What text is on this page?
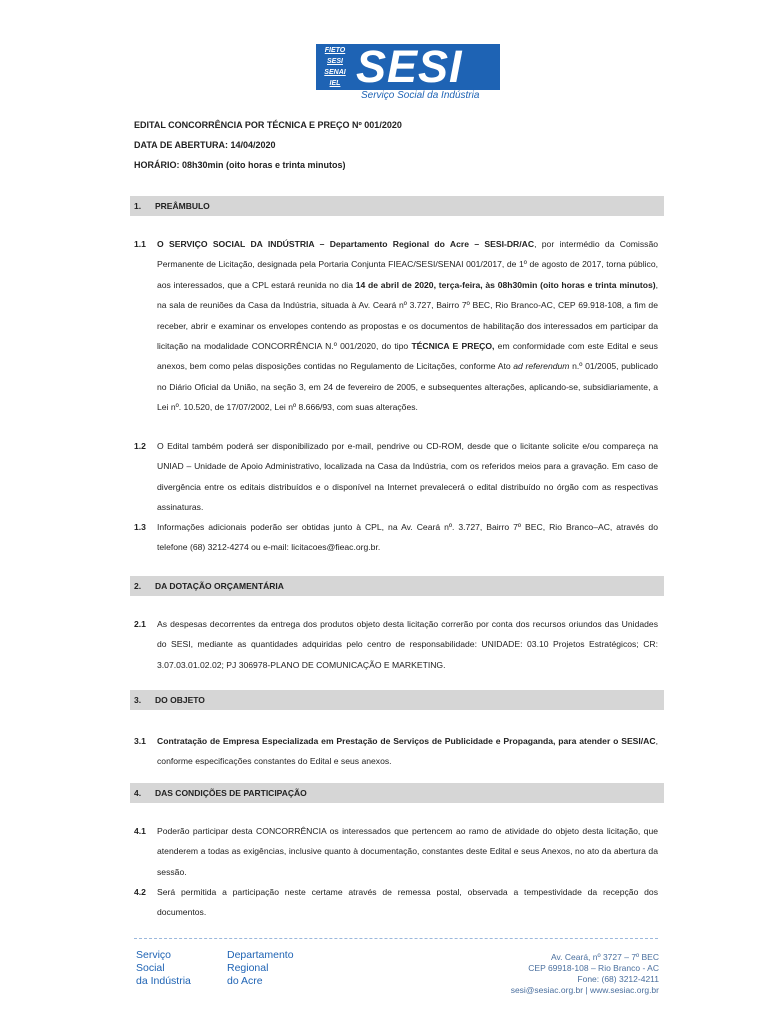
FIETO
SESI
SENAI
IEL SESI
Serviço Social da Indústria
EDITAL CONCORRÊNCIA POR TÉCNICA E PREÇO Nº 001/2020
DATA DE ABERTURA: 14/04/2020
HORÁRIO: 08h30min (oito horas e trinta minutos)
1. PREÂMBULO
1.1	O SERVIÇO SOCIAL DA INDÚSTRIA – Departamento Regional do Acre – SESI-DR/AC, por intermédio da Comissão Permanente de Licitação, designada pela Portaria Conjunta FIEAC/SESI/SENAI 001/2017, de 1º de agosto de 2017, torna público, aos interessados, que a CPL estará reunida no dia 14 de abril de 2020, terça-feira, às 08h30min (oito horas e trinta minutos), na sala de reuniões da Casa da Indústria, situada à Av. Ceará nº 3.727, Bairro 7º BEC, Rio Branco-AC, CEP 69.918-108, a fim de receber, abrir e examinar os envelopes contendo as propostas e os documentos de habilitação dos interessados em participar da licitação na modalidade CONCORRÊNCIA N.º 001/2020, do tipo TÉCNICA E PREÇO, em conformidade com este Edital e seus anexos, bem como pelas disposições contidas no Regulamento de Licitações, conforme Ato ad referendum n.º 01/2005, publicado no Diário Oficial da União, na seção 3, em 24 de fevereiro de 2005, e subsequentes alterações, aplicando-se, subsidiariamente, a Lei nº. 10.520, de 17/07/2002, Lei nº 8.666/93, com suas alterações.
1.2	O Edital também poderá ser disponibilizado por e-mail, pendrive ou CD-ROM, desde que o licitante solicite e/ou compareça na UNIAD – Unidade de Apoio Administrativo, localizada na Casa da Indústria, com os referidos meios para a gravação. Em caso de divergência entre os editais distribuídos e o disponível na Internet prevalecerá o edital distribuído no órgão com as respectivas assinaturas.
1.3	Informações adicionais poderão ser obtidas junto à CPL, na Av. Ceará nº. 3.727, Bairro 7º BEC, Rio Branco–AC, através do telefone (68) 3212-4274 ou e-mail: licitacoes@fieac.org.br.
2. DA DOTAÇÃO ORÇAMENTÁRIA
2.1	As despesas decorrentes da entrega dos produtos objeto desta licitação correrão por conta dos recursos oriundos das Unidades do SESI, mediante as quantidades adquiridas pelo centro de responsabilidade: UNIDADE: 03.10 Projetos Estratégicos; CR: 3.07.03.01.02.02; PJ 306978-PLANO DE COMUNICAÇÃO E MARKETING.
3. DO OBJETO
3.1	Contratação de Empresa Especializada em Prestação de Serviços de Publicidade e Propaganda, para atender o SESI/AC, conforme especificações constantes do Edital e seus anexos.
4. DAS CONDIÇÕES DE PARTICIPAÇÃO
4.1	Poderão participar desta CONCORRÊNCIA os interessados que pertencem ao ramo de atividade do objeto desta licitação, que atenderem a todas as exigências, inclusive quanto à documentação, constantes deste Edital e seus Anexos, no ato da abertura da sessão.
4.2	Será permitida a participação neste certame através de remessa postal, observada a tempestividade da recepção dos documentos.
Serviço
Social
da Indústria
Departamento
Regional
do Acre
Av. Ceará, nº 3727 – 7º BEC
CEP 69918-108 – Rio Branco - AC
Fone: (68) 3212-4211
sesi@sesiac.org.br | www.sesiac.org.br
